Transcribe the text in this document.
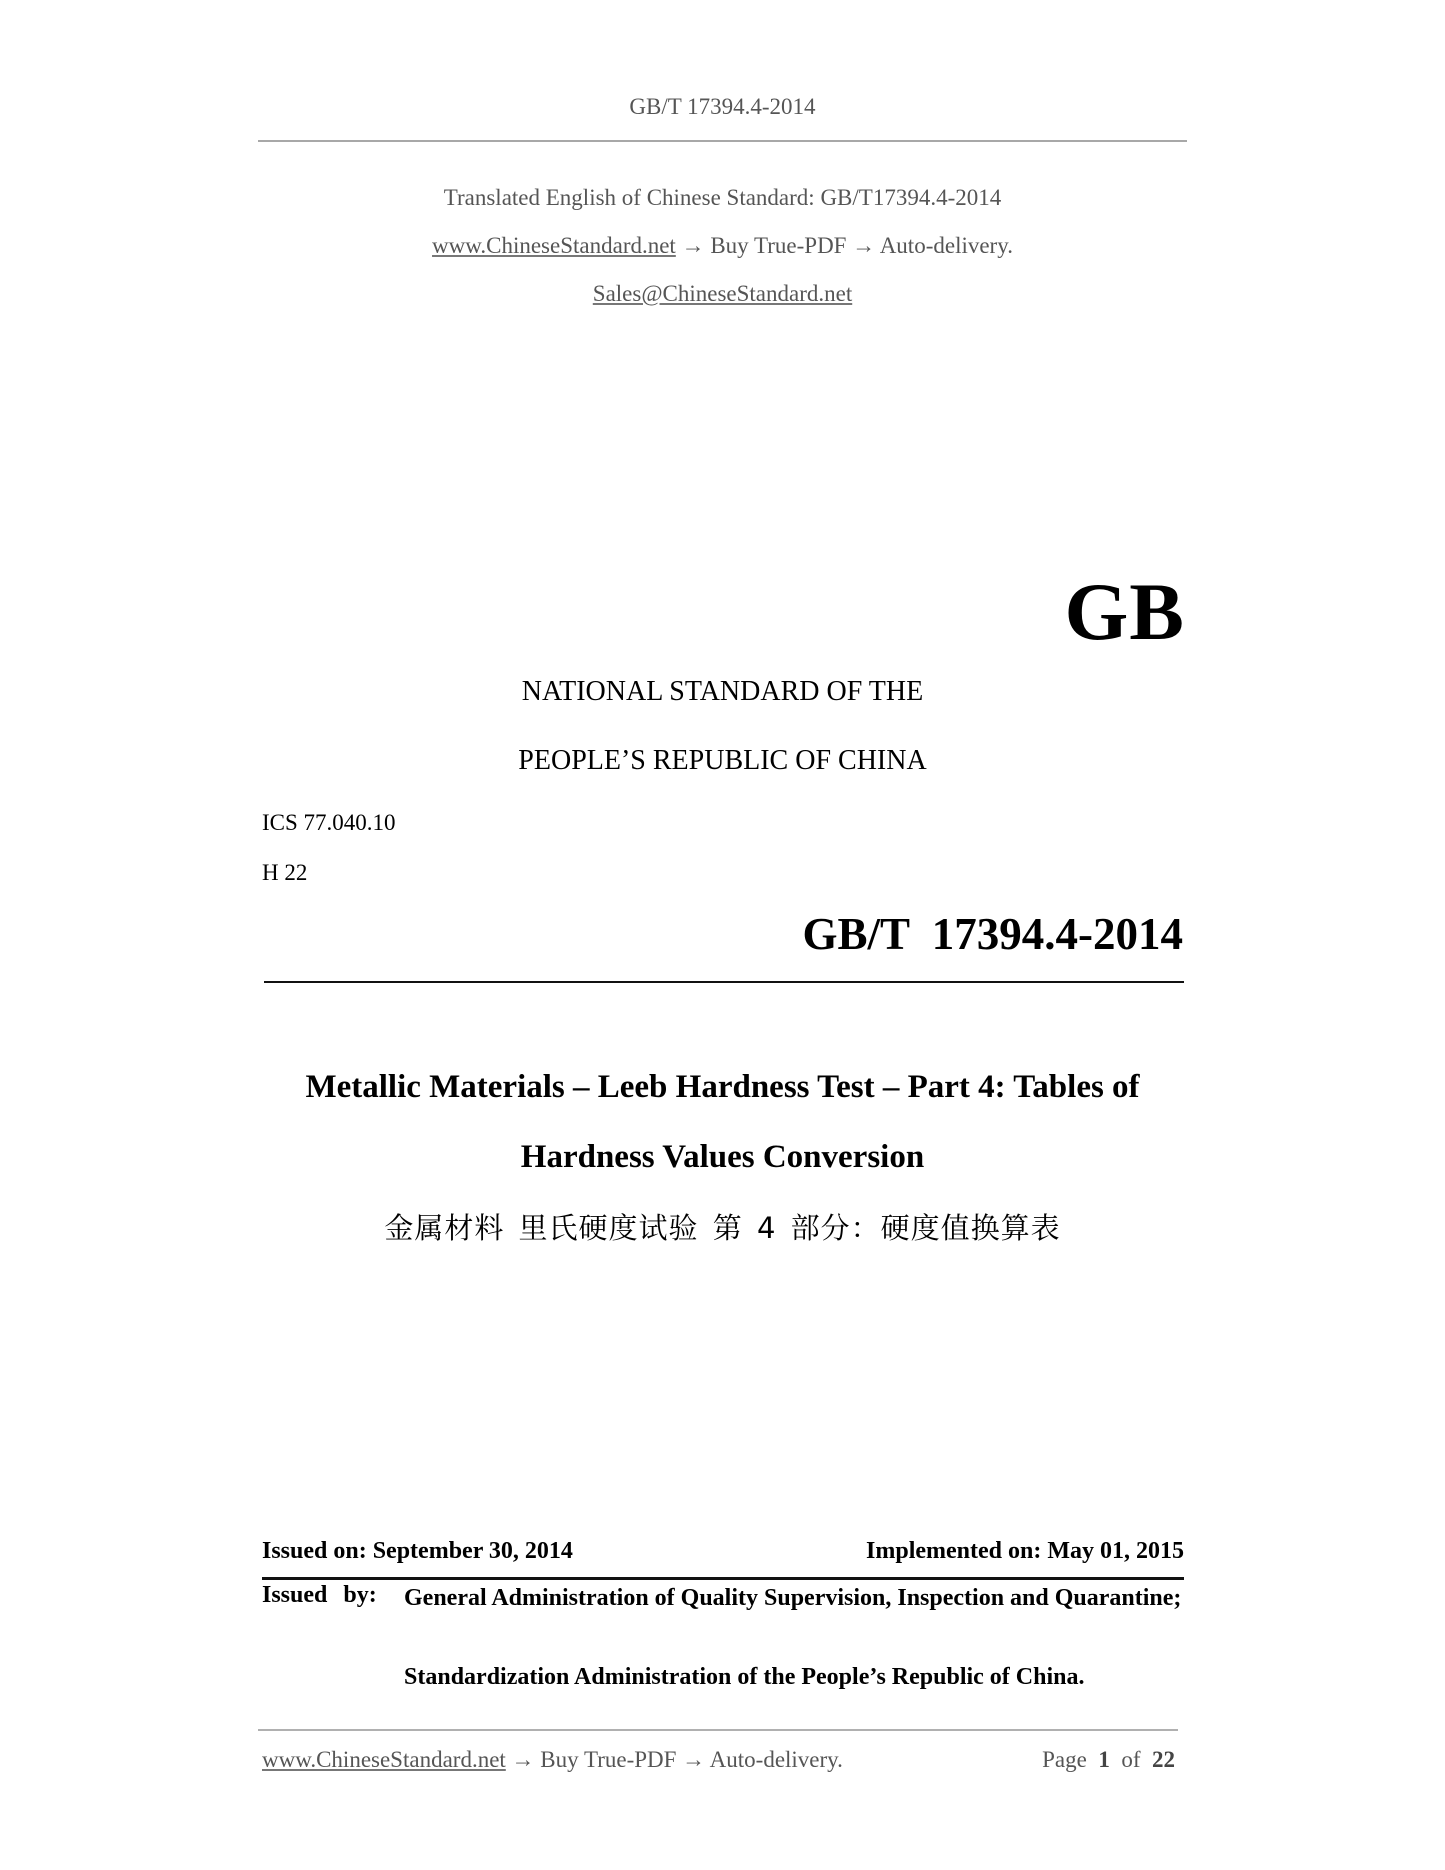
GB/T 17394.4-2014
Translated English of Chinese Standard: GB/T17394.4-2014
www.ChineseStandard.net → Buy True-PDF → Auto-delivery.
Sales@ChineseStandard.net
GB
NATIONAL STANDARD OF THE
PEOPLE’S REPUBLIC OF CHINA
ICS 77.040.10
H 22
GB/T  17394.4-2014
Metallic Materials – Leeb Hardness Test – Part 4: Tables of
Hardness Values Conversion
金属材料 里氏硬度试验 第 4 部分：硬度值换算表
Issued on: September 30, 2014	Implemented on: May 01, 2015
Issued by: General Administration of Quality Supervision, Inspection and Quarantine;
Standardization Administration of the People’s Republic of China.
www.ChineseStandard.net → Buy True-PDF → Auto-delivery.	Page 1 of 22
